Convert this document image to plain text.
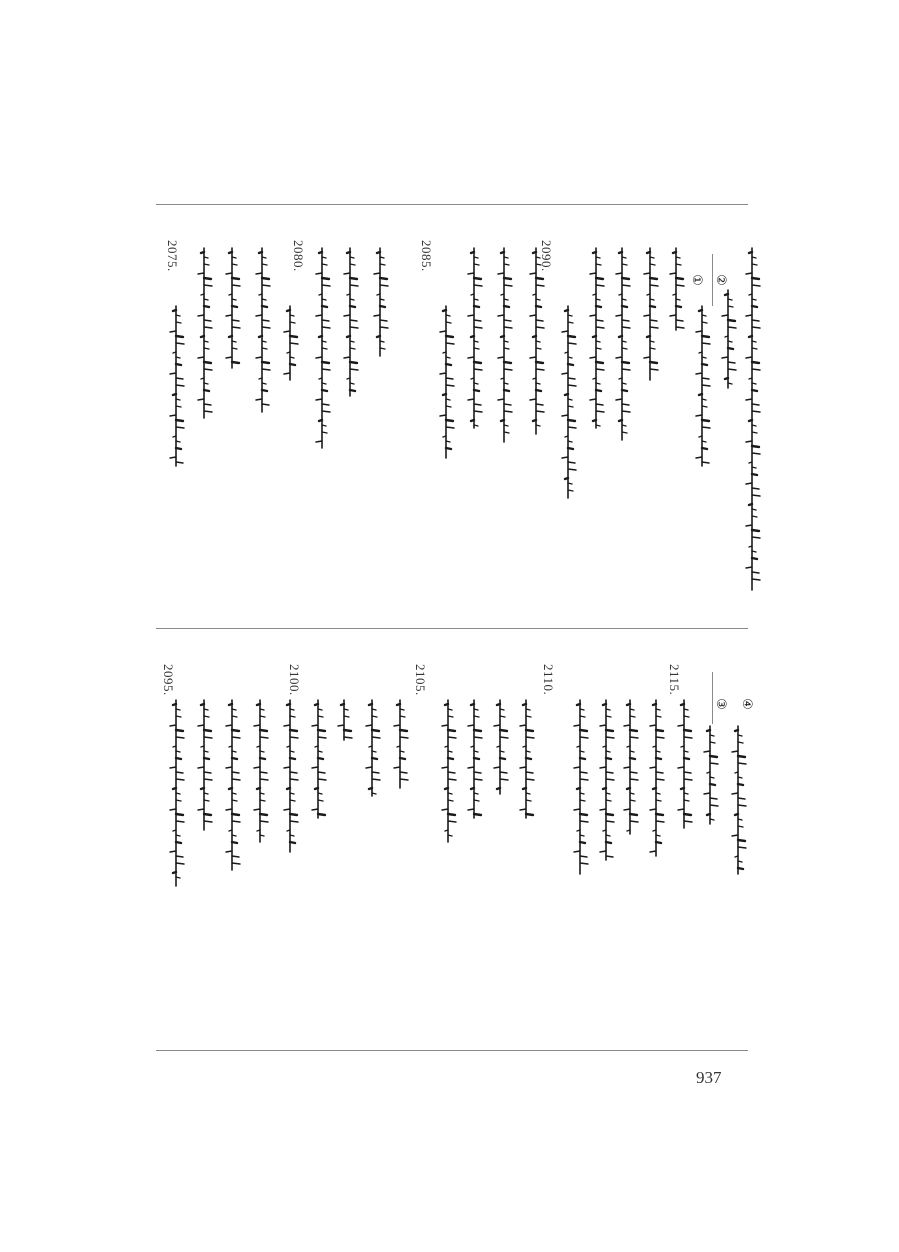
2090.
2085.
2080.
2075.
2115.
2110.
2105.
2100.
2095.
① ②
③ ④
937
